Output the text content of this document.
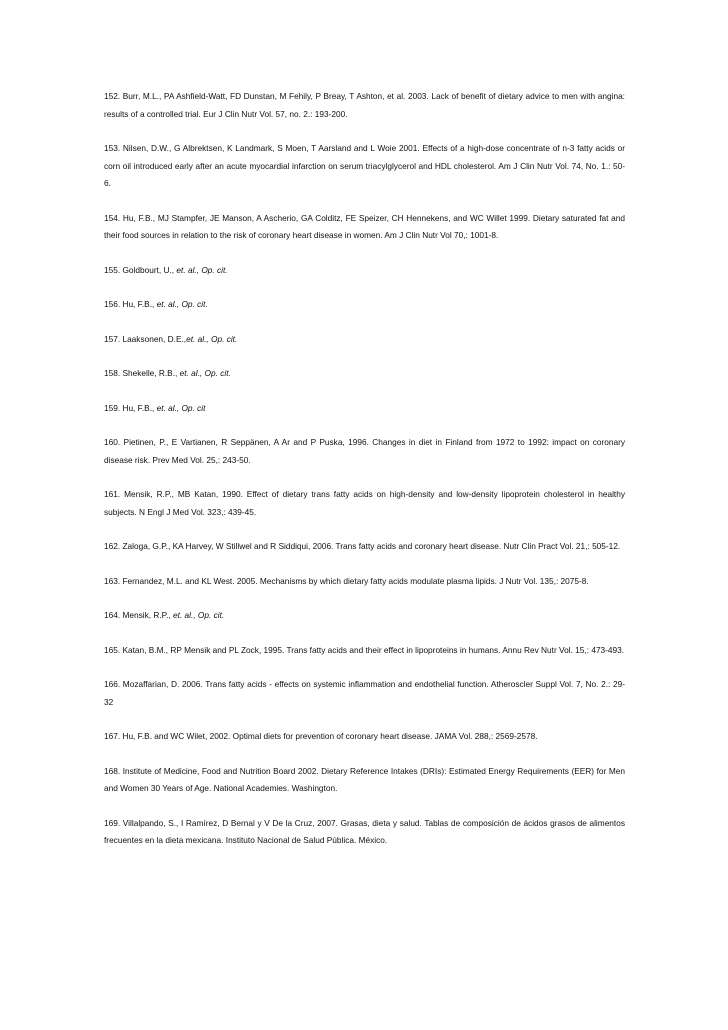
152. Burr, M.L., PA Ashfield-Watt, FD Dunstan, M Fehily, P Breay, T Ashton, et al. 2003. Lack of benefit of dietary advice to men with angina: results of a controlled trial. Eur J Clin Nutr Vol. 57, no. 2.: 193-200.

153. Nilsen, D.W., G Albrektsen, K Landmark, S Moen, T Aarsland and L Woie 2001. Effects of a high-dose concentrate of n-3 fatty acids or corn oil introduced early after an acute myocardial infarction on serum triacylglycerol and HDL cholesterol. Am J Clin Nutr Vol. 74, No. 1.: 50-6.

154. Hu, F.B., MJ Stampfer, JE Manson, A Ascherio, GA Colditz, FE Speizer, CH Hennekens, and WC Willet 1999. Dietary saturated fat and their food sources in relation to the risk of coronary heart disease in women. Am J Clin Nutr Vol 70,: 1001-8.

155. Goldbourt, U., et. al., Op. cit.

156. Hu, F.B., et. al., Op. cit.

157. Laaksonen, D.E.,et. al., Op. cit.

158. Shekelle, R.B., et. al., Op. cit.

159. Hu, F.B., et. al., Op. cit

160. Pietinen, P., E Vartianen, R Seppänen, A Ar and P Puska, 1996. Changes in diet in Finland from 1972 to 1992: impact on coronary disease risk. Prev Med Vol. 25,: 243-50.

161. Mensik, R.P., MB Katan, 1990. Effect of dietary trans fatty acids on high-density and low-density lipoprotein cholesterol in healthy subjects. N Engl J Med Vol. 323,: 439-45.

162. Zaloga, G.P., KA Harvey, W Stillwel and R Siddiqui, 2006. Trans fatty acids and coronary heart disease. Nutr Clin Pract Vol. 21,: 505-12.

163. Fernandez, M.L. and KL West. 2005. Mechanisms by which dietary fatty acids modulate plasma lipids. J Nutr Vol. 135,: 2075-8.

164. Mensik, R.P., et. al., Op. cit.

165. Katan, B.M., RP Mensik and PL Zock, 1995. Trans fatty acids and their effect in lipoproteins in humans. Annu Rev Nutr Vol. 15,: 473-493.

166. Mozaffarian, D. 2006. Trans fatty acids - effects on systemic inflammation and endothelial function. Atheroscler Suppl Vol. 7, No. 2.: 29-32

167. Hu, F.B. and WC Wilet, 2002. Optimal diets for prevention of coronary heart disease. JAMA Vol. 288,: 2569-2578.

168. Institute of Medicine, Food and Nutrition Board 2002. Dietary Reference Intakes (DRIs): Estimated Energy Requirements (EER) for Men and Women 30 Years of Age. National Academies. Washington.

169. Villalpando, S., I Ramírez, D Bernal y V De la Cruz, 2007. Grasas, dieta y salud. Tablas de composición de ácidos grasos de alimentos frecuentes en la dieta mexicana. Instituto Nacional de Salud Pública. México.
